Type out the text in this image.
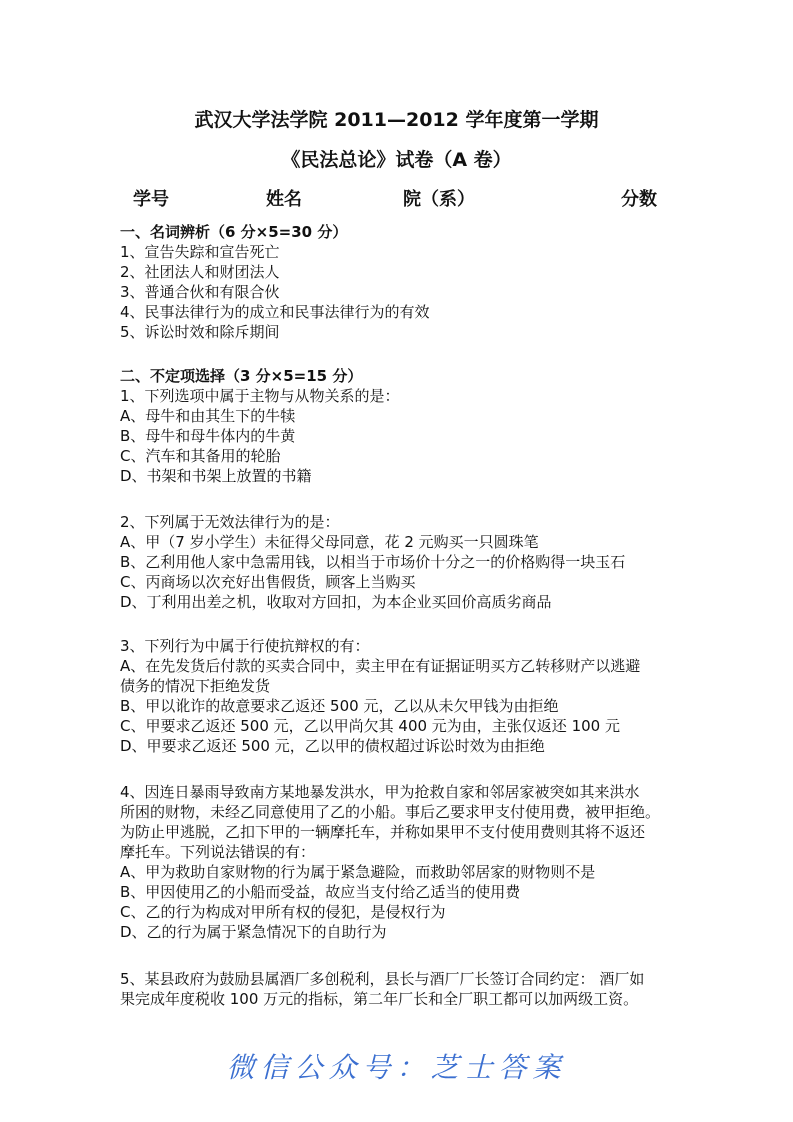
武汉大学法学院 2011—2012 学年度第一学期
《民法总论》试卷（A 卷）
学号	姓名	院（系）	分数
一、名词辨析（6 分×5=30 分）
1、宣告失踪和宣告死亡
2、社团法人和财团法人
3、普通合伙和有限合伙
4、民事法律行为的成立和民事法律行为的有效
5、诉讼时效和除斥期间
二、不定项选择（3 分×5=15 分）
1、下列选项中属于主物与从物关系的是：
A、母牛和由其生下的牛犊
B、母牛和母牛体内的牛黄
C、汽车和其备用的轮胎
D、书架和书架上放置的书籍
2、下列属于无效法律行为的是：
A、甲（7 岁小学生）未征得父母同意，花 2 元购买一只圆珠笔
B、乙利用他人家中急需用钱，以相当于市场价十分之一的价格购得一块玉石
C、丙商场以次充好出售假货，顾客上当购买
D、丁利用出差之机，收取对方回扣，为本企业买回价高质劣商品
3、下列行为中属于行使抗辩权的有：
A、在先发货后付款的买卖合同中，卖主甲在有证据证明买方乙转移财产以逃避
债务的情况下拒绝发货
B、甲以讹诈的故意要求乙返还 500 元，乙以从未欠甲钱为由拒绝
C、甲要求乙返还 500 元，乙以甲尚欠其 400 元为由，主张仅返还 100 元
D、甲要求乙返还 500 元，乙以甲的债权超过诉讼时效为由拒绝
4、因连日暴雨导致南方某地暴发洪水，甲为抢救自家和邻居家被突如其来洪水
所困的财物，未经乙同意使用了乙的小船。事后乙要求甲支付使用费，被甲拒绝。
为防止甲逃脱，乙扣下甲的一辆摩托车，并称如果甲不支付使用费则其将不返还
摩托车。下列说法错误的有：
A、甲为救助自家财物的行为属于紧急避险，而救助邻居家的财物则不是
B、甲因使用乙的小船而受益，故应当支付给乙适当的使用费
C、乙的行为构成对甲所有权的侵犯，是侵权行为
D、乙的行为属于紧急情况下的自助行为
5、某县政府为鼓励县属酒厂多创税利，县长与酒厂厂长签订合同约定： 酒厂如
果完成年度税收 100 万元的指标，第二年厂长和全厂职工都可以加两级工资。
微信公众号：芝士答案
